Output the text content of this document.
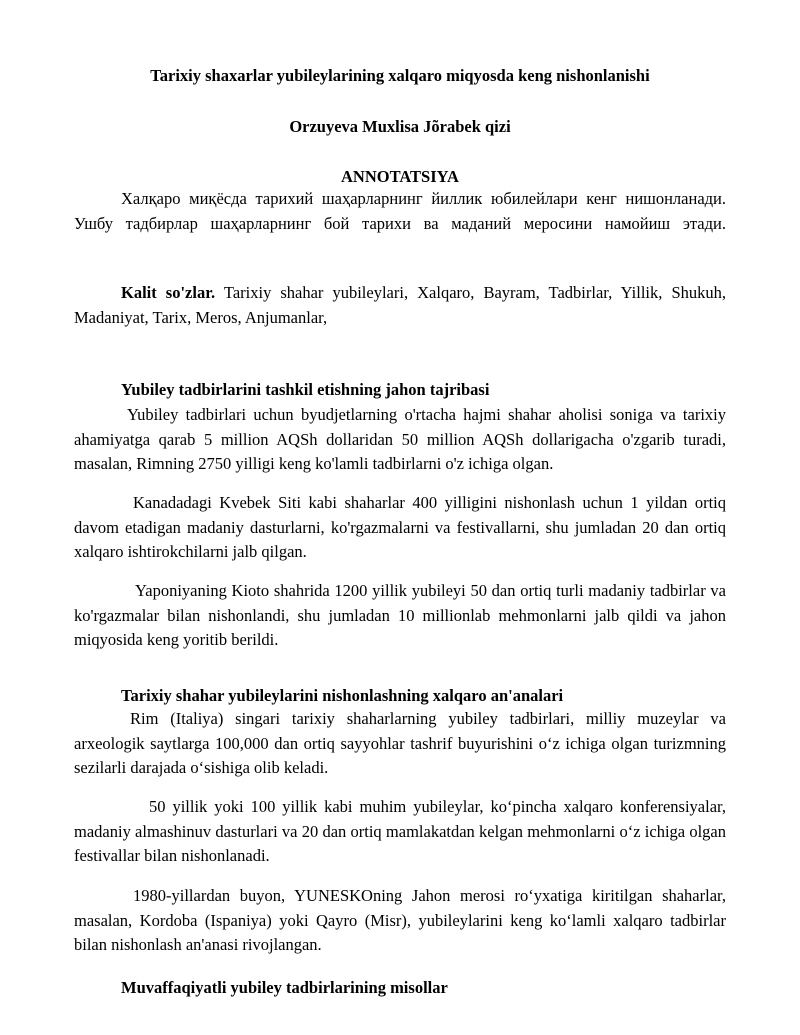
Tarixiy shaxarlar yubileylarining xalqaro miqyosda keng nishonlanishi
Orzuyeva Muxlisa Jõrabek qizi
ANNOTATSIYA

Халқаро миқёсда тарихий шаҳарларнинг йиллик юбилейлари кенг нишонланади. Ушбу тадбирлар шаҳарларнинг бой тарихи ва маданий меросини намойиш этади.

Kalit so'zlar. Tarixiy shahar yubileylari, Xalqaro, Bayram, Tadbirlar, Yillik, Shukuh, Madaniyat, Tarix, Meros, Anjumanlar,

Yubiley tadbirlarini tashkil etishning jahon tajribasi

Yubiley tadbirlari uchun byudjetlarning o'rtacha hajmi shahar aholisi soniga va tarixiy ahamiyatga qarab 5 million AQSh dollaridan 50 million AQSh dollarigacha o'zgarib turadi, masalan, Rimning 2750 yilligi keng ko'lamli tadbirlarni o'z ichiga olgan.

Kanadadagi Kvebek Siti kabi shaharlar 400 yilligini nishonlash uchun 1 yildan ortiq davom etadigan madaniy dasturlarni, ko'rgazmalarni va festivallarni, shu jumladan 20 dan ortiq xalqaro ishtirokchilarni jalb qilgan.

Yaponiyaning Kioto shahrida 1200 yillik yubileyi 50 dan ortiq turli madaniy tadbirlar va ko'rgazmalar bilan nishonlandi, shu jumladan 10 millionlab mehmonlarni jalb qildi va jahon miqyosida keng yoritib berildi.

Tarixiy shahar yubileylarini nishonlashning xalqaro an'analari

Rim (Italiya) singari tarixiy shaharlarning yubiley tadbirlari, milliy muzeylar va arxeologik saytlarga 100,000 dan ortiq sayyohlar tashrif buyurishini o‘z ichiga olgan turizmning sezilarli darajada o‘sishiga olib keladi.

50 yillik yoki 100 yillik kabi muhim yubileylar, ko‘pincha xalqaro konferensiyalar, madaniy almashinuv dasturlari va 20 dan ortiq mamlakatdan kelgan mehmonlarni o‘z ichiga olgan festivallar bilan nishonlanadi.

1980-yillardan buyon, YUNESKOning Jahon merosi ro‘yxatiga kiritilgan shaharlar, masalan, Kordoba (Ispaniya) yoki Qayro (Misr), yubileylarini keng ko‘lamli xalqaro tadbirlar bilan nishonlash an'anasi rivojlangan.

Muvaffaqiyatli yubiley tadbirlarining misollar
